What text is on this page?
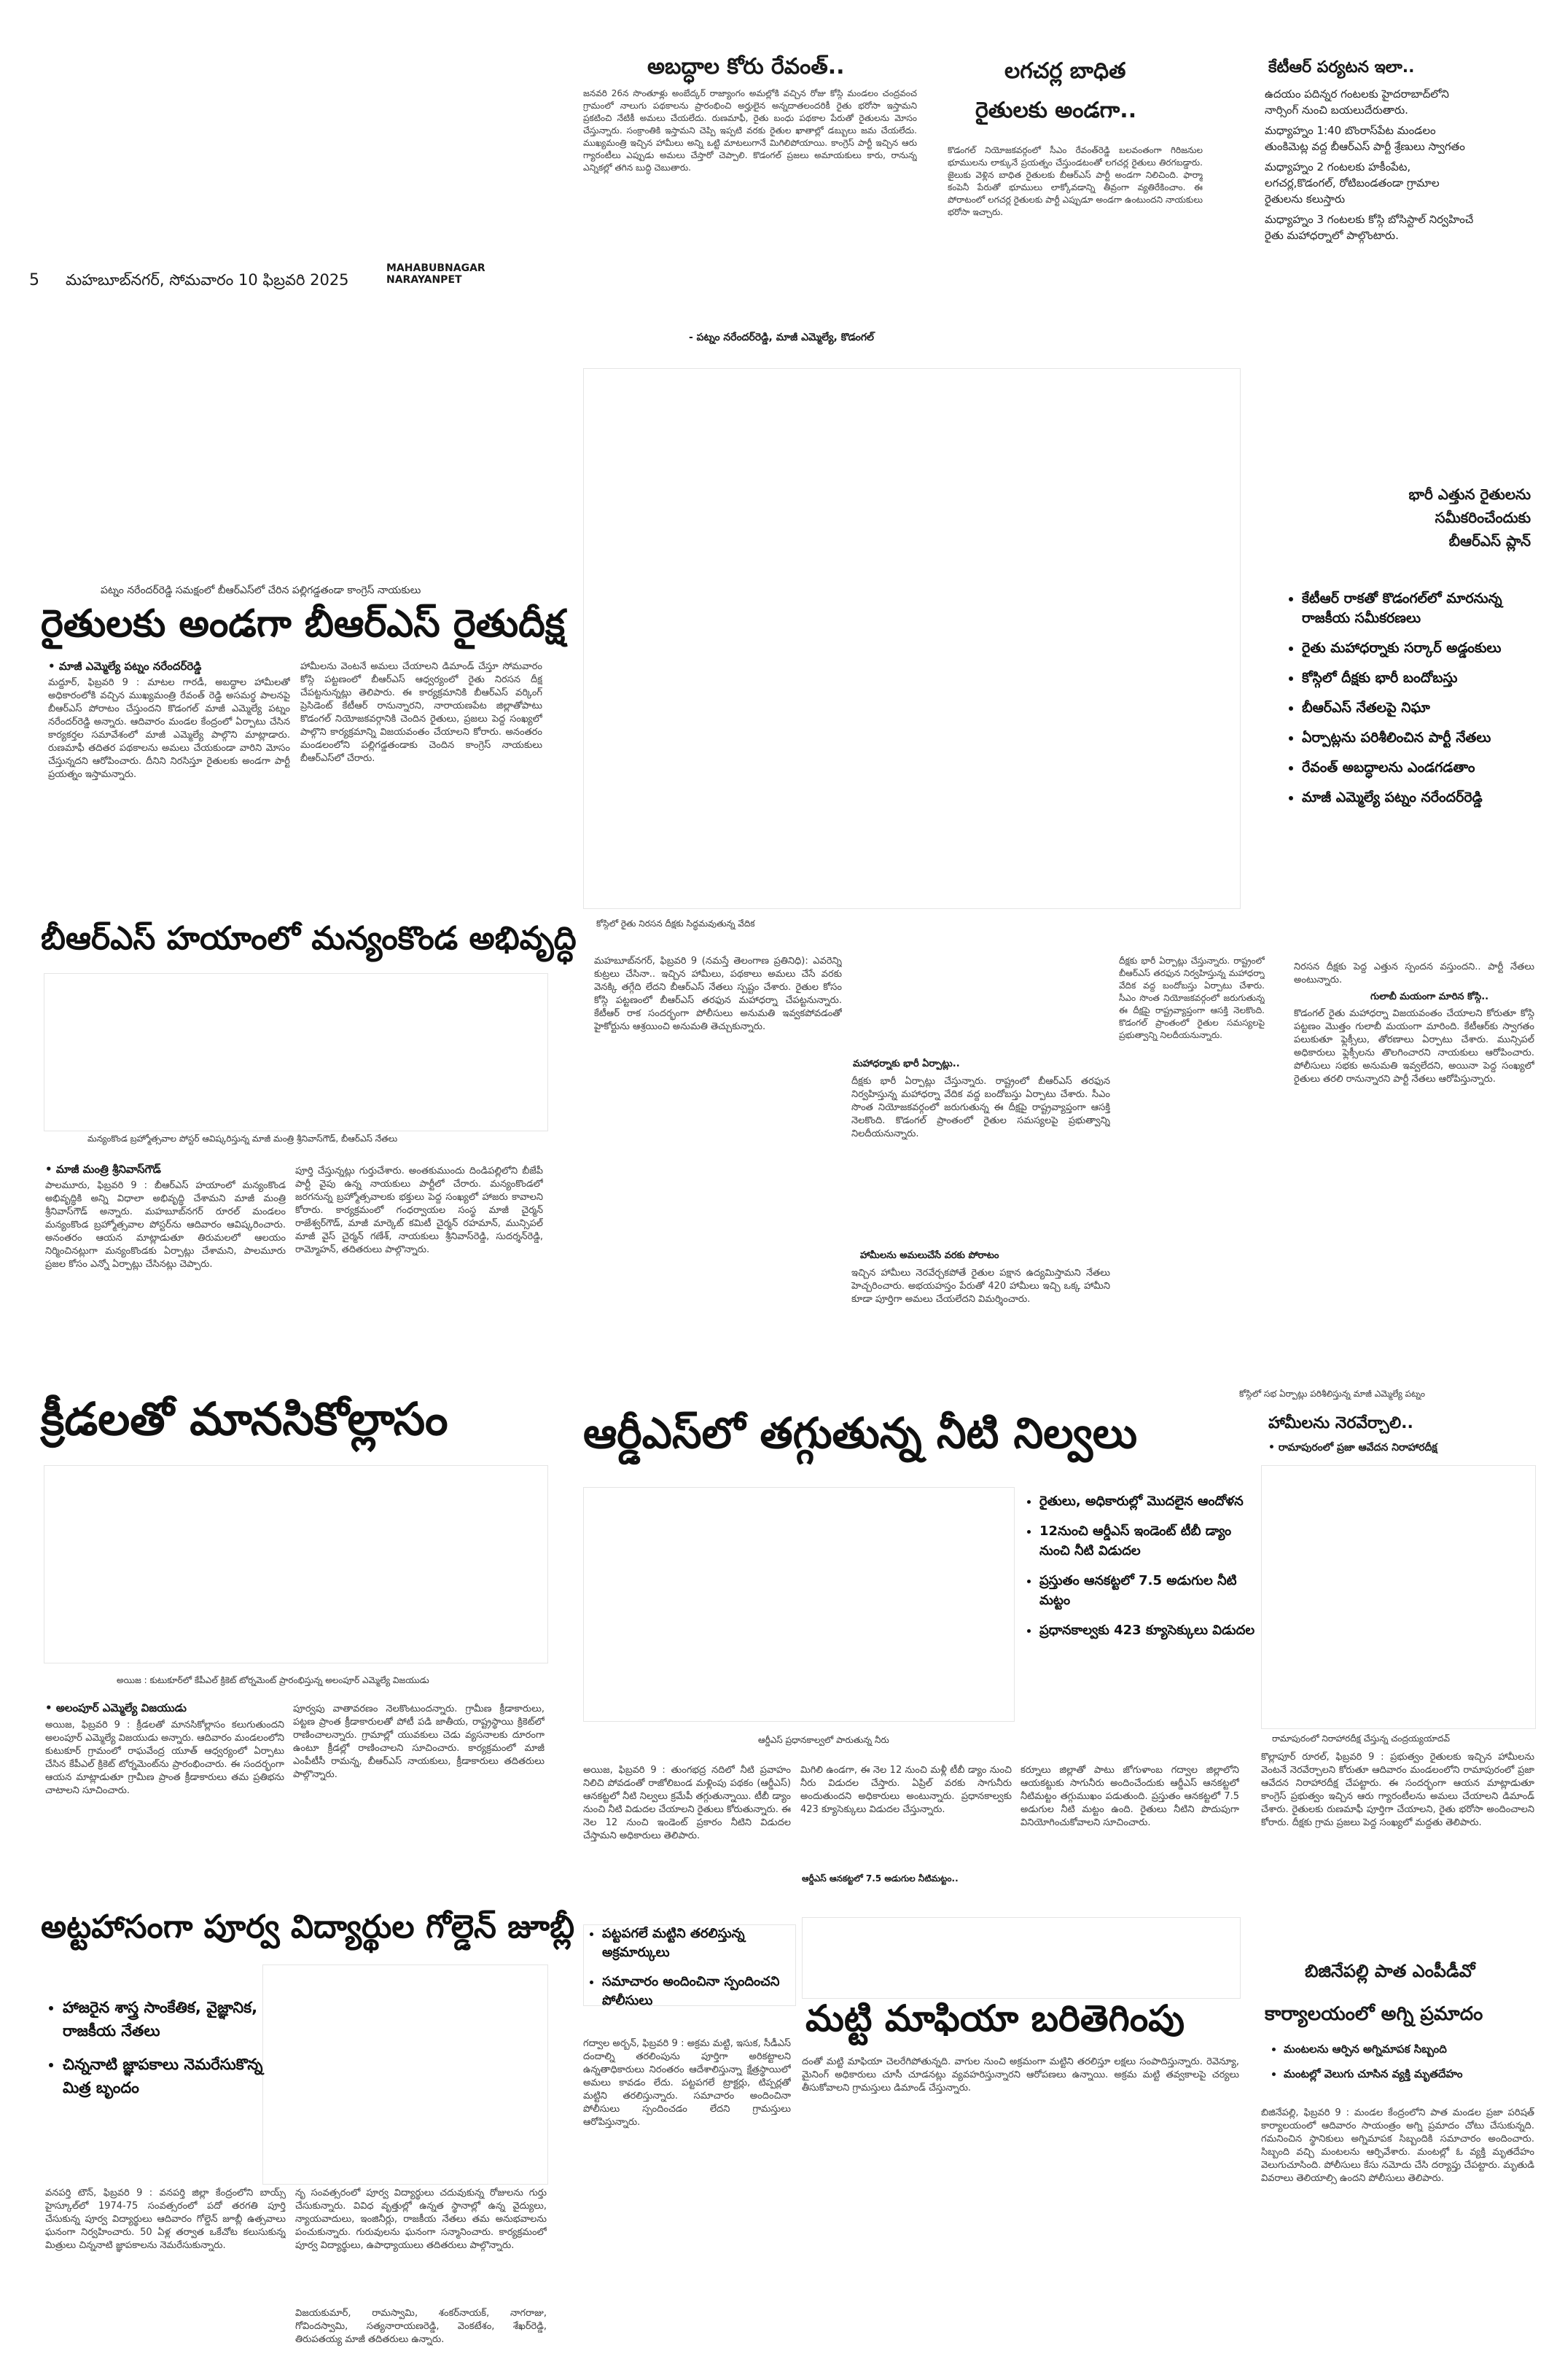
5 మహబూబ్‌నగర్, సోమవారం 10 ఫిబ్రవరి 2025
MAHABUBNAGAR
NARAYANPET
అబద్ధాల కోరు రేవంత్..
జనవరి 26న సొంతూళ్లు అంబేద్కర్ రాజ్యాంగం అమల్లోకి వచ్చిన రోజు కోస్గి మండలం చంద్రవంచ గ్రామంలో నాలుగు పథకాలను ప్రారంభించి అర్హులైన అన్నదాతలందరికీ రైతు భరోసా ఇస్తామని ప్రకటించి నేటికీ అమలు చేయలేదు. రుణమాఫీ, రైతు బంధు పథకాల పేరుతో రైతులను మోసం చేస్తున్నారు. సంక్రాంతికి ఇస్తామని చెప్పి ఇప్పటి వరకు రైతుల ఖాతాల్లో డబ్బులు జమ చేయలేదు. ముఖ్యమంత్రి ఇచ్చిన హామీలు అన్ని ఒట్టి మాటలుగానే మిగిలిపోయాయి. కాంగ్రెస్ పార్టీ ఇచ్చిన ఆరు గ్యారంటీలు ఎప్పుడు అమలు చేస్తారో చెప్పాలి. కొడంగల్ ప్రజలు అమాయకులు కారు, రానున్న ఎన్నికల్లో తగిన బుద్ధి చెబుతారు.
- పట్నం నరేందర్‌రెడ్డి, మాజీ ఎమ్మెల్యే, కొడంగల్
లగచర్ల బాధిత
రైతులకు అండగా..
కొడంగల్ నియోజకవర్గంలో సీఎం రేవంత్‌రెడ్డి బలవంతంగా గిరిజనుల భూములను లాక్కునే ప్రయత్నం చేస్తుండటంతో లగచర్ల రైతులు తిరగబడ్డారు. జైలుకు వెళ్లిన బాధిత రైతులకు బీఆర్ఎస్ పార్టీ అండగా నిలిచింది. ఫార్మా కంపెనీ పేరుతో భూములు లాక్కోవడాన్ని తీవ్రంగా వ్యతిరేకించాం. ఈ పోరాటంలో లగచర్ల రైతులకు పార్టీ ఎప్పుడూ అండగా ఉంటుందని నాయకులు భరోసా ఇచ్చారు.
కేటీఆర్ పర్యటన ఇలా..
ఉదయం పదిన్నర గంటలకు హైదరాబాద్‌లోని నార్సింగ్ నుంచి బయలుదేరుతారు.
మధ్యాహ్నం 1:40 బొంరాస్‌పేట మండలం తుంకిమెట్ల వద్ద బీఆర్ఎస్ పార్టీ శ్రేణులు స్వాగతం
మధ్యాహ్నం 2 గంటలకు హకీంపేట, లగచర్ల,కొడంగల్, రోటిబండతండా గ్రామాల రైతులను కలుస్తారు
మధ్యాహ్నం 3 గంటలకు కోస్గి బోసిస్టాల్ నిర్వహించే రైతు మహాధర్నాలో పాల్గొంటారు.
భారీ ఎత్తున రైతులను సమీకరించేందుకు బీఆర్ఎస్ ప్లాన్
• కేటీఆర్ రాకతో కొడంగల్‌లో మారనున్న రాజకీయ సమీకరణలు
• రైతు మహాధర్నాకు సర్కార్ అడ్డంకులు
• కోస్గిలో దీక్షకు భారీ బందోబస్తు
• బీఆర్ఎస్ నేతలపై నిఘా
• ఏర్పాట్లను పరిశీలించిన పార్టీ నేతలు
• రేవంత్ అబద్ధాలను ఎండగడతాం
• మాజీ ఎమ్మెల్యే పట్నం నరేందర్‌రెడ్డి
నిరసన దీక్షకు పెద్ద ఎత్తున స్పందన వస్తుందని.. పార్టీ నేతలు అంటున్నారు.
గులాబీ మయంగా మారిన కోస్గి..
కొడంగల్ రైతు మహాధర్నా విజయవంతం చేయాలని కోరుతూ కోస్గి పట్టణం మొత్తం గులాబీ మయంగా మారింది. కేటీఆర్‌కు స్వాగతం పలుకుతూ ఫ్లెక్సీలు, తోరణాలు ఏర్పాటు చేశారు. మున్సిపల్ అధికారులు ఫ్లెక్సీలను తొలగించారని నాయకులు ఆరోపించారు. పోలీసులు సభకు అనుమతి ఇవ్వలేదని, అయినా పెద్ద సంఖ్యలో రైతులు తరలి రానున్నారని పార్టీ నేతలు ఆరోపిస్తున్నారు.
పట్నం నరేందర్‌రెడ్డి సమక్షంలో బీఆర్ఎస్‌లో చేరిన పల్లిగడ్డతండా కాంగ్రెస్ నాయకులు
రైతులకు అండగా బీఆర్ఎస్ రైతుదీక్ష
• మాజీ ఎమ్మెల్యే పట్నం నరేందర్‌రెడ్డి
మద్దూర్, ఫిబ్రవరి 9 : మాటల గారడీ, అబద్ధాల హామీలతో అధికారంలోకి వచ్చిన ముఖ్యమంత్రి రేవంత్ రెడ్డి అసమర్థ పాలనపై బీఆర్ఎస్ పోరాటం చేస్తుందని కొడంగల్ మాజీ ఎమ్మెల్యే పట్నం నరేందర్‌రెడ్డి అన్నారు. ఆదివారం మండల కేంద్రంలో ఏర్పాటు చేసిన కార్యకర్తల సమావేశంలో మాజీ ఎమ్మెల్యే పాల్గొని మాట్లాడారు. రుణమాఫీ తదితర పథకాలను అమలు చేయకుండా వారిని మోసం చేస్తున్నదని ఆరోపించారు. దీనిని నిరసిస్తూ రైతులకు అండగా పార్టీ ప్రయత్నం ఇస్తామన్నారు.
హామీలను వెంటనే అమలు చేయాలని డిమాండ్ చేస్తూ సోమవారం కోస్గి పట్టణంలో బీఆర్ఎస్ ఆధ్వర్యంలో రైతు నిరసన దీక్ష చేపట్టనున్నట్లు తెలిపారు. ఈ కార్యక్రమానికి బీఆర్ఎస్ వర్కింగ్ ప్రెసిడెంట్ కేటీఆర్ రానున్నారని, నారాయణపేట జిల్లాతోపాటు కొడంగల్ నియోజకవర్గానికి చెందిన రైతులు, ప్రజలు పెద్ద సంఖ్యలో పాల్గొని కార్యక్రమాన్ని విజయవంతం చేయాలని కోరారు. అనంతరం మండలంలోని పల్లిగడ్డతండాకు చెందిన కాంగ్రెస్ నాయకులు బీఆర్ఎస్‌లో చేరారు.
బీఆర్ఎస్ హయాంలో మన్యంకొండ అభివృద్ధి
మన్యంకొండ బ్రహ్మోత్సవాల పోస్టర్ ఆవిష్కరిస్తున్న మాజీ మంత్రి శ్రీనివాస్‌గౌడ్, బీఆర్ఎస్ నేతలు
• మాజీ మంత్రి శ్రీనివాస్‌గౌడ్
పాలమూరు, ఫిబ్రవరి 9 : బీఆర్ఎస్ హయాంలో మన్యంకొండ అభివృద్ధికి అన్ని విధాలా అభివృద్ధి చేశామని మాజీ మంత్రి శ్రీనివాస్‌గౌడ్ అన్నారు. మహబూబ్‌నగర్ రూరల్ మండలం మన్యంకొండ బ్రహ్మోత్సవాల పోస్టర్‌ను ఆదివారం ఆవిష్కరించారు. అనంతరం ఆయన మాట్లాడుతూ తిరుమలలో ఆలయం నిర్మించినట్లుగా మన్యంకొండకు ఏర్పాట్లు చేశామని, పాలమూరు ప్రజల కోసం ఎన్నో ఏర్పాట్లు చేసినట్లు చెప్పారు.
పూర్తి చేస్తున్నట్లు గుర్తుచేశారు. అంతకుముందు దిండిపల్లిలోని బీజేపీ పార్టీ వైపు ఉన్న నాయకులు పార్టీలో చేరారు. మన్యంకొండలో జరగనున్న బ్రహ్మోత్సవాలకు భక్తులు పెద్ద సంఖ్యలో హాజరు కావాలని కోరారు. కార్యక్రమంలో గంధర్వాయల సంస్థ మాజీ చైర్మన్ రాజేశ్వర్‌గౌడ్, మాజీ మార్కెట్ కమిటీ చైర్మన్ రహమాన్, మున్సిపల్ మాజీ వైస్ చైర్మన్ గణేశ్, నాయకులు శ్రీనివాస్‌రెడ్డి, సుదర్శన్‌రెడ్డి, రామ్మోహన్, తదితరులు పాల్గొన్నారు.
కోస్గిలో రైతు నిరసన దీక్షకు సిద్ధమవుతున్న వేదిక
మహబూబ్‌నగర్, ఫిబ్రవరి 9 (నమస్తే తెలంగాణ ప్రతినిధి): ఎవరెన్ని కుట్రలు చేసినా.. ఇచ్చిన హామీలు, పథకాలు అమలు చేసే వరకు వెనక్కి తగ్గేది లేదని బీఆర్ఎస్ నేతలు స్పష్టం చేశారు. రైతుల కోసం కోస్గి పట్టణంలో బీఆర్ఎస్ తరఫున మహాధర్నా చేపట్టనున్నారు. కేటీఆర్ రాక సందర్భంగా పోలీసులు అనుమతి ఇవ్వకపోవడంతో హైకోర్టును ఆశ్రయించి అనుమతి తెచ్చుకున్నారు.
మహాధర్నాకు భారీ ఏర్పాట్లు..
దీక్షకు భారీ ఏర్పాట్లు చేస్తున్నారు. రాష్ట్రంలో బీఆర్ఎస్ తరఫున నిర్వహిస్తున్న మహాధర్నా వేదిక వద్ద బందోబస్తు ఏర్పాటు చేశారు. సీఎం సొంత నియోజకవర్గంలో జరుగుతున్న ఈ దీక్షపై రాష్ట్రవ్యాప్తంగా ఆసక్తి నెలకొంది. కొడంగల్ ప్రాంతంలో రైతుల సమస్యలపై ప్రభుత్వాన్ని నిలదీయనున్నారు.
హామీలను అమలుచేసే వరకు పోరాటం
ఇచ్చిన హామీలు నెరవేర్చకపోతే రైతుల పక్షాన ఉద్యమిస్తామని నేతలు హెచ్చరించారు. అభయహస్తం పేరుతో 420 హామీలు ఇచ్చి ఒక్క హామీని కూడా పూర్తిగా అమలు చేయలేదని విమర్శించారు.
దీక్షకు భారీ ఏర్పాట్లు చేస్తున్నారు. రాష్ట్రంలో బీఆర్ఎస్ తరఫున నిర్వహిస్తున్న మహాధర్నా వేదిక వద్ద బందోబస్తు ఏర్పాటు చేశారు. సీఎం సొంత నియోజకవర్గంలో జరుగుతున్న ఈ దీక్షపై రాష్ట్రవ్యాప్తంగా ఆసక్తి నెలకొంది. కొడంగల్ ప్రాంతంలో రైతుల సమస్యలపై ప్రభుత్వాన్ని నిలదీయనున్నారు.
క్రీడలతో మానసికోల్లాసం
అయిజ : కుటుకూర్‌లో కేపీఎల్ క్రికెట్ టోర్నమెంట్ ప్రారంభిస్తున్న అలంపూర్ ఎమ్మెల్యే విజయుడు
• అలంపూర్ ఎమ్మెల్యే విజయుడు
అయిజ, ఫిబ్రవరి 9 : క్రీడలతో మానసికోల్లాసం కలుగుతుందని అలంపూర్ ఎమ్మెల్యే విజయుడు అన్నారు. ఆదివారం మండలంలోని కుటుకూర్ గ్రామంలో రాఘవేంద్ర యూత్ ఆధ్వర్యంలో ఏర్పాటు చేసిన కేపీఎల్ క్రికెట్ టోర్నమెంట్‌ను ప్రారంభించారు. ఈ సందర్భంగా ఆయన మాట్లాడుతూ గ్రామీణ ప్రాంత క్రీడాకారులు తమ ప్రతిభను చాటాలని సూచించారు.
పూర్వపు వాతావరణం నెలకొంటుందన్నారు. గ్రామీణ క్రీడాకారులు, పట్టణ ప్రాంత క్రీడాకారులతో పోటీ పడి జాతీయ, రాష్ట్రస్థాయి క్రికెట్‌లో రాణించాలన్నారు. గ్రామాల్లో యువకులు చెడు వ్యసనాలకు దూరంగా ఉంటూ క్రీడల్లో రాణించాలని సూచించారు. కార్యక్రమంలో మాజీ ఎంపీటీసీ రామన్న, బీఆర్ఎస్ నాయకులు, క్రీడాకారులు తదితరులు పాల్గొన్నారు.
అట్టహాసంగా పూర్వ విద్యార్థుల గోల్డెన్ జూబ్లీ
• హాజరైన శాస్త్ర సాంకేతిక, వైజ్ఞానిక, రాజకీయ నేతలు
• చిన్ననాటి జ్ఞాపకాలు నెమరేసుకొన్న మిత్ర బృందం
వనపర్తి టౌన్, ఫిబ్రవరి 9 : వనపర్తి జిల్లా కేంద్రంలోని బాయ్స్ హైస్కూల్‌లో 1974-75 సంవత్సరంలో పదో తరగతి పూర్తి చేసుకున్న పూర్వ విద్యార్థులు ఆదివారం గోల్డెన్ జూబ్లీ ఉత్సవాలు ఘనంగా నిర్వహించారు. 50 ఏళ్ల తర్వాత ఒకేచోట కలుసుకున్న మిత్రులు చిన్ననాటి జ్ఞాపకాలను నెమరేసుకున్నారు.
నృ సంవత్సరంలో పూర్వ విద్యార్థులు చదువుకున్న రోజులను గుర్తు చేసుకున్నారు. వివిధ వృత్తుల్లో ఉన్నత స్థానాల్లో ఉన్న వైద్యులు, న్యాయవాదులు, ఇంజినీర్లు, రాజకీయ నేతలు తమ అనుభవాలను పంచుకున్నారు. గురువులను ఘనంగా సన్మానించారు. కార్యక్రమంలో పూర్వ విద్యార్థులు, ఉపాధ్యాయులు తదితరులు పాల్గొన్నారు.
విజయకుమార్, రామస్వామి, శంకర్‌నాయక్, నాగరాజు, గోవిందస్వామి, సత్యనారాయణరెడ్డి, వెంకటేశం, శేఖర్‌రెడ్డి, తిరుపతయ్య మాజీ తదితరులు ఉన్నారు.
ఆర్డీఎస్‌లో తగ్గుతున్న నీటి నిల్వలు
• రైతులు, అధికారుల్లో మొదలైన ఆందోళన
• 12నుంచి ఆర్డీఎస్ ఇండెంట్ టీబీ డ్యాం నుంచి నీటి విడుదల
• ప్రస్తుతం ఆనకట్టలో 7.5 అడుగుల నీటి మట్టం
• ప్రధానకాల్వకు 423 క్యూసెక్కులు విడుదల
ఆర్డీఎస్ ప్రధానకాల్వలో పారుతున్న నీరు
అయిజ, ఫిబ్రవరి 9 : తుంగభద్ర నదిలో నీటి ప్రవాహం నిలిచి పోవడంతో రాజోలిబండ మళ్లింపు పథకం (ఆర్డీఎస్) ఆనకట్టలో నీటి నిల్వలు క్రమేపీ తగ్గుతున్నాయి. టీబీ డ్యాం నుంచి నీటి విడుదల చేయాలని రైతులు కోరుతున్నారు. ఈ నెల 12 నుంచి ఇండెంట్ ప్రకారం నీటిని విడుదల చేస్తామని అధికారులు తెలిపారు.
మిగిలి ఉండగా, ఈ నెల 12 నుంచి మళ్లీ టీబీ డ్యాం నుంచి నీరు విడుదల చేస్తారు. ఏప్రిల్ వరకు సాగునీరు అందుతుందని అధికారులు అంటున్నారు. ప్రధానకాల్వకు 423 క్యూసెక్కులు విడుదల చేస్తున్నారు.
ఆర్డీఎస్ ఆనకట్టలో 7.5 అడుగుల నీటిమట్టం..
కర్నూలు జిల్లాతో పాటు జోగుళాంబ గద్వాల జిల్లాలోని ఆయకట్టుకు సాగునీరు అందించేందుకు ఆర్డీఎస్ ఆనకట్టలో నీటిమట్టం తగ్గుముఖం పడుతుంది. ప్రస్తుతం ఆనకట్టలో 7.5 అడుగుల నీటి మట్టం ఉంది. రైతులు నీటిని పొదుపుగా వినియోగించుకోవాలని సూచించారు.
• పట్టపగలే మట్టిని తరలిస్తున్న అక్రమార్కులు
• సమాచారం అందించినా స్పందించని పోలీసులు	మట్టి మాఫియా బరితెగింపు
గద్వాల అర్బన్, ఫిబ్రవరి 9 : అక్రమ మట్టి, ఇసుక, సీడీఎస్ దందాల్ని తరలింపును పూర్తిగా అరికట్టాలని ఉన్నతాధికారులు నిరంతరం ఆదేశాలిస్తున్నా క్షేత్రస్థాయిలో అమలు కావడం లేదు. పట్టపగలే ట్రాక్టర్లు, టిప్పర్లతో మట్టిని తరలిస్తున్నారు. సమాచారం అందించినా పోలీసులు స్పందించడం లేదని గ్రామస్తులు ఆరోపిస్తున్నారు.
దంతో మట్టి మాఫియా చెలరేగిపోతున్నది. వాగుల నుంచి అక్రమంగా మట్టిని తరలిస్తూ లక్షలు సంపాదిస్తున్నారు. రెవెన్యూ, మైనింగ్ అధికారులు చూసీ చూడనట్లు వ్యవహరిస్తున్నారని ఆరోపణలు ఉన్నాయి. అక్రమ మట్టి తవ్వకాలపై చర్యలు తీసుకోవాలని గ్రామస్తులు డిమాండ్ చేస్తున్నారు.
కోస్గిలో సభ ఏర్పాట్లు పరిశీలిస్తున్న మాజీ ఎమ్మెల్యే పట్నం
హామీలను నెరవేర్చాలి..
• రామాపురంలో ప్రజా ఆవేదన నిరాహారదీక్ష
రామాపురంలో నిరాహారదీక్ష చేస్తున్న చంద్రయ్యయాదవ్
కొల్లాపూర్ రూరల్, ఫిబ్రవరి 9 : ప్రభుత్వం రైతులకు ఇచ్చిన హామీలను వెంటనే నెరవేర్చాలని కోరుతూ ఆదివారం మండలంలోని రామాపురంలో ప్రజా ఆవేదన నిరాహారదీక్ష చేపట్టారు. ఈ సందర్భంగా ఆయన మాట్లాడుతూ కాంగ్రెస్ ప్రభుత్వం ఇచ్చిన ఆరు గ్యారంటీలను అమలు చేయాలని డిమాండ్ చేశారు. రైతులకు రుణమాఫీ పూర్తిగా చేయాలని, రైతు భరోసా అందించాలని కోరారు. దీక్షకు గ్రామ ప్రజలు పెద్ద సంఖ్యలో మద్దతు తెలిపారు.
బిజినేపల్లి పాత ఎంపీడీవో
కార్యాలయంలో అగ్ని ప్రమాదం
• మంటలను ఆర్పిన అగ్నిమాపక సిబ్బంది
• మంటల్లో వెలుగు చూసిన వ్యక్తి మృతదేహం
బిజినేపల్లి, ఫిబ్రవరి 9 : మండల కేంద్రంలోని పాత మండల ప్రజా పరిషత్ కార్యాలయంలో ఆదివారం సాయంత్రం అగ్ని ప్రమాదం చోటు చేసుకున్నది. గమనించిన స్థానికులు అగ్నిమాపక సిబ్బందికి సమాచారం అందించారు. సిబ్బంది వచ్చి మంటలను ఆర్పివేశారు. మంటల్లో ఓ వ్యక్తి మృతదేహం వెలుగుచూసింది. పోలీసులు కేసు నమోదు చేసి దర్యాప్తు చేపట్టారు. మృతుడి వివరాలు తెలియాల్సి ఉందని పోలీసులు తెలిపారు.
